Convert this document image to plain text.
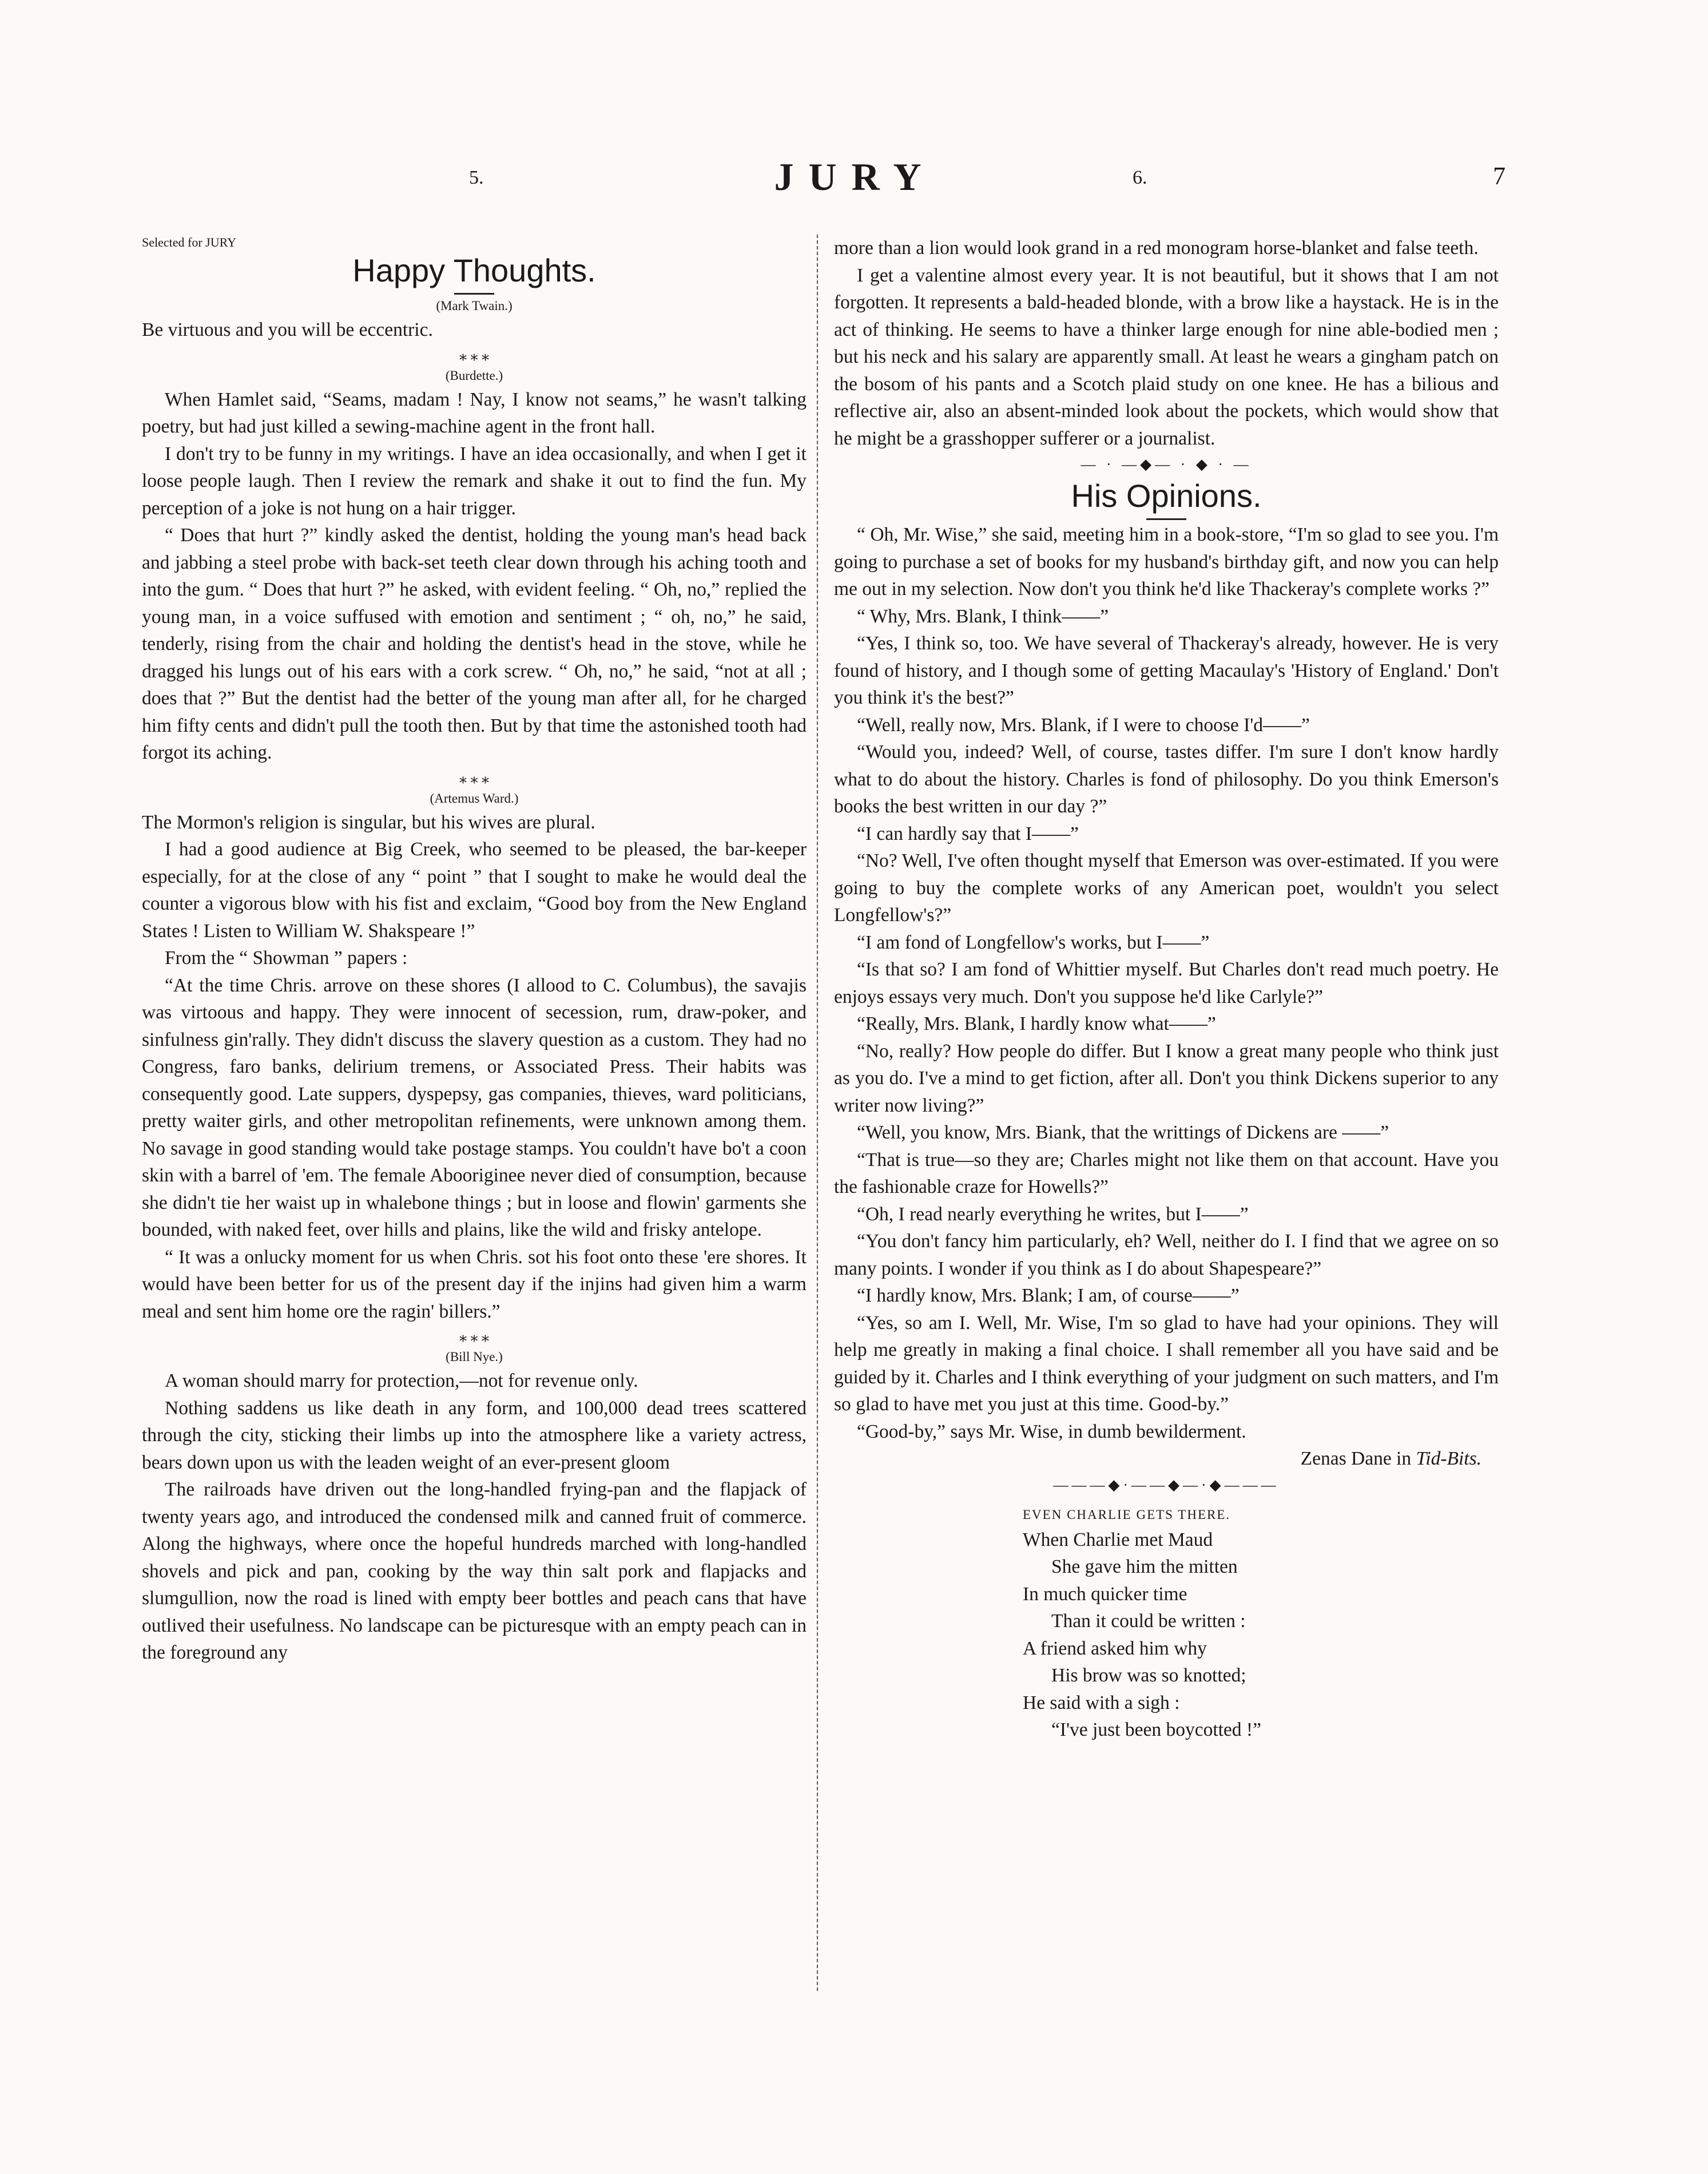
5.	JURY	6.	7
Selected for JURY
Happy Thoughts.
(Mark Twain.)

Be virtuous and you will be eccentric.

⁎ ⁎ ⁎
(Burdette.)

When Hamlet said, “Seams, madam ! Nay, I know not seams,” he wasn't talking poetry, but had just killed a sewing-machine agent in the front hall.

I don't try to be funny in my writings. I have an idea occasionally, and when I get it loose people laugh. Then I review the remark and shake it out to find the fun. My perception of a joke is not hung on a hair trigger.

“ Does that hurt ?” kindly asked the dentist, holding the young man's head back and jabbing a steel probe with back-set teeth clear down through his aching tooth and into the gum. “ Does that hurt ?” he asked, with evident feeling. “ Oh, no,” replied the young man, in a voice suffused with emotion and sentiment ; “ oh, no,” he said, tenderly, rising from the chair and holding the dentist's head in the stove, while he dragged his lungs out of his ears with a cork screw. “ Oh, no,” he said, “not at all ; does that ?” But the dentist had the better of the young man after all, for he charged him fifty cents and didn't pull the tooth then. But by that time the astonished tooth had forgot its aching.

⁎ ⁎ ⁎
(Artemus Ward.)

The Mormon's religion is singular, but his wives are plural.

I had a good audience at Big Creek, who seemed to be pleased, the bar-keeper especially, for at the close of any “ point ” that I sought to make he would deal the counter a vigorous blow with his fist and exclaim, “Good boy from the New England States ! Listen to William W. Shakspeare !”

From the “ Showman ” papers :

“At the time Chris. arrove on these shores (I allood to C. Columbus), the savajis was virtoous and happy. They were innocent of secession, rum, draw-poker, and sinfulness gin'rally. They didn't discuss the slavery question as a custom. They had no Congress, faro banks, delirium tremens, or Associated Press. Their habits was consequently good. Late suppers, dyspepsy, gas companies, thieves, ward politicians, pretty waiter girls, and other metropolitan refinements, were unknown among them. No savage in good standing would take postage stamps. You couldn't have bo't a coon skin with a barrel of 'em. The female Abooriginee never died of consumption, because she didn't tie her waist up in whalebone things ; but in loose and flowin' garments she bounded, with naked feet, over hills and plains, like the wild and frisky antelope.

“ It was a onlucky moment for us when Chris. sot his foot onto these 'ere shores. It would have been better for us of the present day if the injins had given him a warm meal and sent him home ore the ragin' billers.”

⁎ ⁎ ⁎
(Bill Nye.)

A woman should marry for protection,—not for revenue only.

Nothing saddens us like death in any form, and 100,000 dead trees scattered through the city, sticking their limbs up into the atmosphere like a variety actress, bears down upon us with the leaden weight of an ever-present gloom

The railroads have driven out the long-handled frying-pan and the flapjack of twenty years ago, and introduced the condensed milk and canned fruit of commerce. Along the highways, where once the hopeful hundreds marched with long-handled shovels and pick and pan, cooking by the way thin salt pork and flapjacks and slumgullion, now the road is lined with empty beer bottles and peach cans that have outlived their usefulness. No landscape can be picturesque with an empty peach can in the foreground any

more than a lion would look grand in a red monogram horse-blanket and false teeth.

I get a valentine almost every year. It is not beautiful, but it shows that I am not forgotten. It represents a bald-headed blonde, with a brow like a haystack. He is in the act of thinking. He seems to have a thinker large enough for nine able-bodied men ; but his neck and his salary are apparently small. At least he wears a gingham patch on the bosom of his pants and a Scotch plaid study on one knee. He has a bilious and reflective air, also an absent-minded look about the pockets, which would show that he might be a grasshopper sufferer or a journalist.

— · —◆— · ◆ · —
His Opinions.

“ Oh, Mr. Wise,” she said, meeting him in a book-store, “I'm so glad to see you. I'm going to purchase a set of books for my husband's birthday gift, and now you can help me out in my selection. Now don't you think he'd like Thackeray's complete works ?”

“ Why, Mrs. Blank, I think——”

“Yes, I think so, too. We have several of Thackeray's already, however. He is very found of history, and I though some of getting Macaulay's 'History of England.' Don't you think it's the best?”

“Well, really now, Mrs. Blank, if I were to choose I'd——”

“Would you, indeed? Well, of course, tastes differ. I'm sure I don't know hardly what to do about the history. Charles is fond of philosophy. Do you think Emerson's books the best written in our day ?”

“I can hardly say that I——”

“No? Well, I've often thought myself that Emerson was over-estimated. If you were going to buy the complete works of any American poet, wouldn't you select Longfellow's?”

“I am fond of Longfellow's works, but I——”

“Is that so? I am fond of Whittier myself. But Charles don't read much poetry. He enjoys essays very much. Don't you suppose he'd like Carlyle?”

“Really, Mrs. Blank, I hardly know what——”

“No, really? How people do differ. But I know a great many people who think just as you do. I've a mind to get fiction, after all. Don't you think Dickens superior to any writer now living?”

“Well, you know, Mrs. Biank, that the writtings of Dickens are ——”

“That is true—so they are; Charles might not like them on that account. Have you the fashionable craze for Howells?”

“Oh, I read nearly everything he writes, but I——”

“You don't fancy him particularly, eh? Well, neither do I. I find that we agree on so many points. I wonder if you think as I do about Shapespeare?”

“I hardly know, Mrs. Blank; I am, of course——”

“Yes, so am I. Well, Mr. Wise, I'm so glad to have had your opinions. They will help me greatly in making a final choice. I shall remember all you have said and be guided by it. Charles and I think everything of your judgment on such matters, and I'm so glad to have met you just at this time. Good-by.”

“Good-by,” says Mr. Wise, in dumb bewilderment.

Zenas Dane in Tid-Bits.
———◆·——◆—·◆———
EVEN CHARLIE GETS THERE.

When Charlie met Maud

She gave him the mitten

In much quicker time

Than it could be written :

A friend asked him why

His brow was so knotted;

He said with a sigh :

“I've just been boycotted !”
